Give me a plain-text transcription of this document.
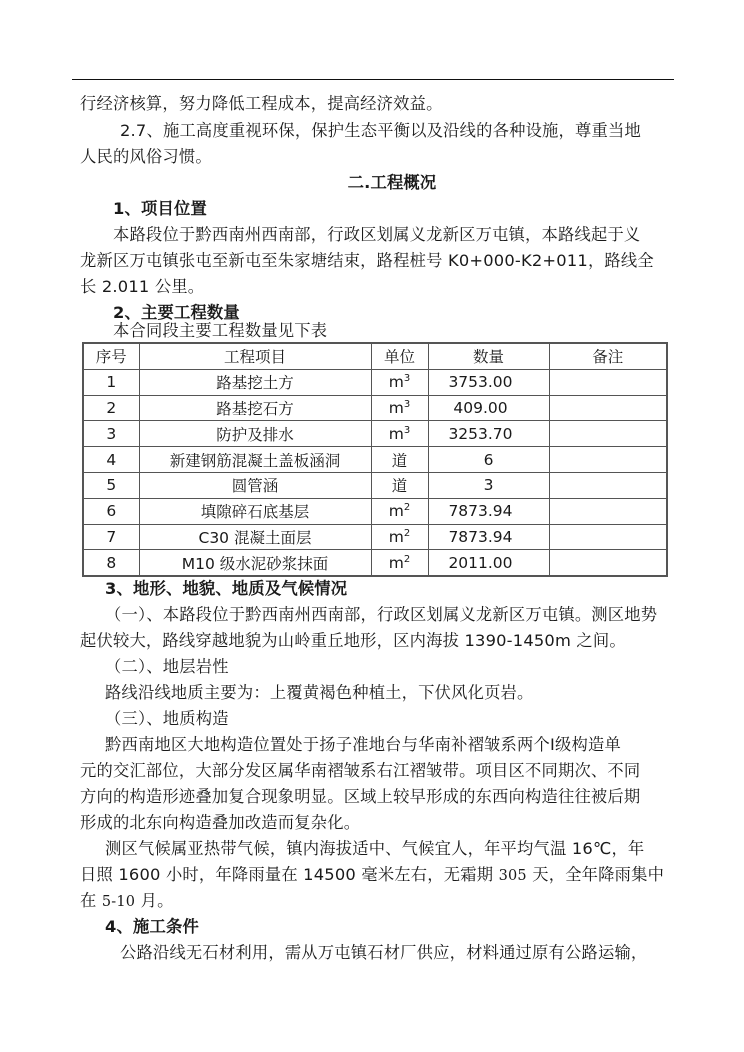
行经济核算，努力降低工程成本，提高经济效益。
2.7、施工高度重视环保，保护生态平衡以及沿线的各种设施，尊重当地
人民的风俗习惯。
二.工程概况
1、项目位置
本路段位于黔西南州西南部，行政区划属义龙新区万屯镇，本路线起于义
龙新区万屯镇张屯至新屯至朱家塘结束，路程桩号 K0+000-K2+011，路线全
长 2.011 公里。
2、主要工程数量
本合同段主要工程数量见下表
序号	工程项目	单位	数量	备注
1	路基挖土方	$m^3$	3753.00	
2	路基挖石方	$m^3$	409.00	
3	防护及排水	$m^3$	3253.70	
4	新建钢筋混凝土盖板涵洞	道	6	
5	圆管涵	道	3	
6	填隙碎石底基层	$m^2$	7873.94	
7	C30 混凝土面层	$m^2$	7873.94	
8	M10 级水泥砂浆抹面	$m^2$	2011.00	
3、地形、地貌、地质及气候情况
（一）、本路段位于黔西南州西南部，行政区划属义龙新区万屯镇。测区地势
起伏较大，路线穿越地貌为山岭重丘地形，区内海拔 1390-1450m 之间。
（二）、地层岩性
路线沿线地质主要为：上覆黄褐色种植土，下伏风化页岩。
（三）、地质构造
黔西南地区大地构造位置处于扬子准地台与华南补褶皱系两个Ⅰ级构造单
元的交汇部位，大部分发区属华南褶皱系右江褶皱带。项目区不同期次、不同
方向的构造形迹叠加复合现象明显。区域上较早形成的东西向构造往往被后期
形成的北东向构造叠加改造而复杂化。
测区气候属亚热带气候，镇内海拔适中、气候宜人，年平均气温 16℃，年
日照 1600 小时，年降雨量在 14500 毫米左右，无霜期 305 天，全年降雨集中
在 5-10 月。
4、施工条件
公路沿线无石材利用，需从万屯镇石材厂供应，材料通过原有公路运输，
